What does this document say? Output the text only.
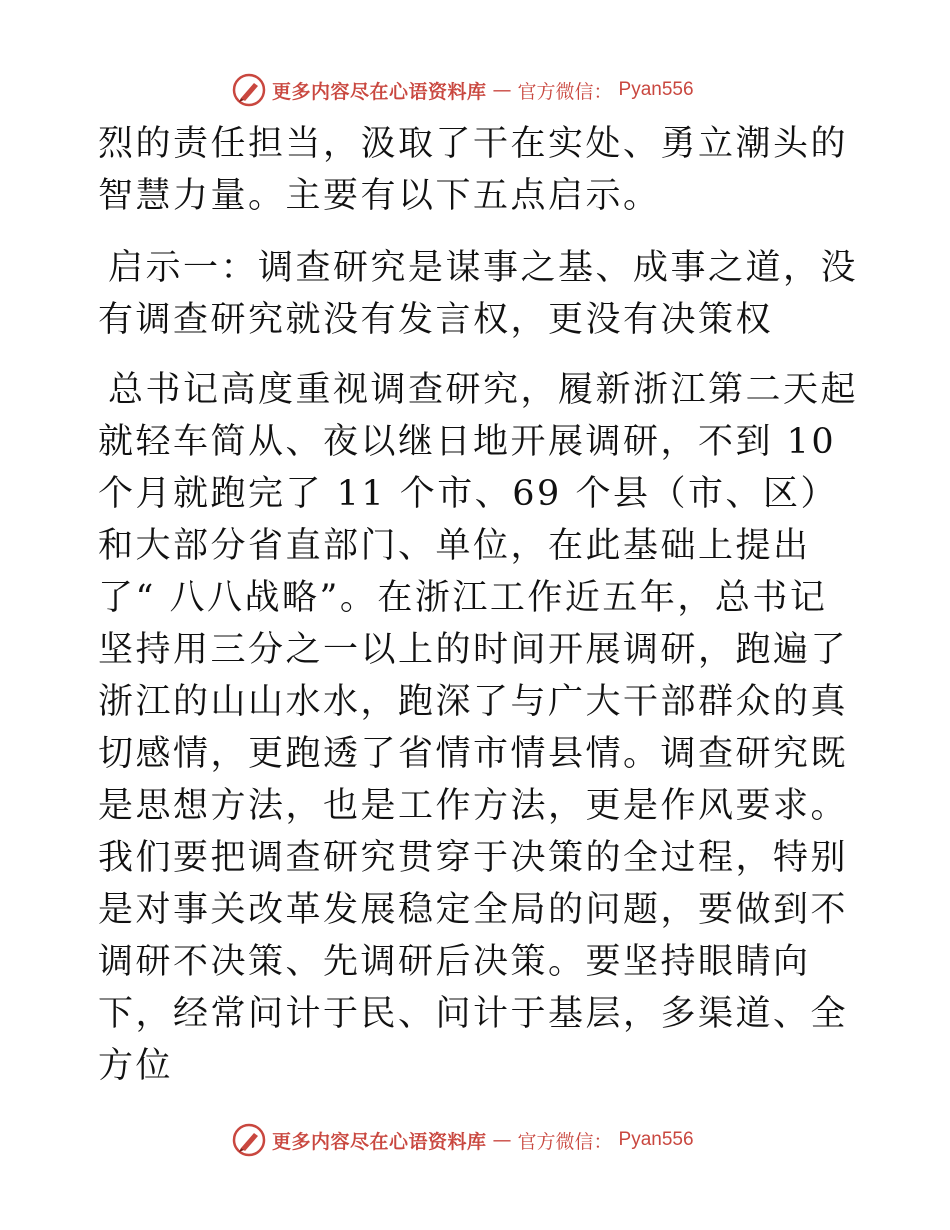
更多内容尽在心语资料库 — 官方微信： Pyan556

烈的责任担当，汲取了干在实处、勇立潮头的智慧力量。主要有以下五点启示。

启示一：调查研究是谋事之基、成事之道，没有调查研究就没有发言权，更没有决策权

总书记高度重视调查研究，履新浙江第二天起就轻车简从、夜以继日地开展调研，不到 10个月就跑完了 11 个市、69 个县（市、区）和大部分省直部门、单位，在此基础上提出了“ 八八战略”。在浙江工作近五年，总书记坚持用三分之一以上的时间开展调研，跑遍了浙江的山山水水，跑深了与广大干部群众的真切感情，更跑透了省情市情县情。调查研究既是思想方法，也是工作方法，更是作风要求。我们要把调查研究贯穿于决策的全过程，特别是对事关改革发展稳定全局的问题，要做到不调研不决策、先调研后决策。要坚持眼睛向下，经常问计于民、问计于基层，多渠道、全方位

更多内容尽在心语资料库 — 官方微信： Pyan556
